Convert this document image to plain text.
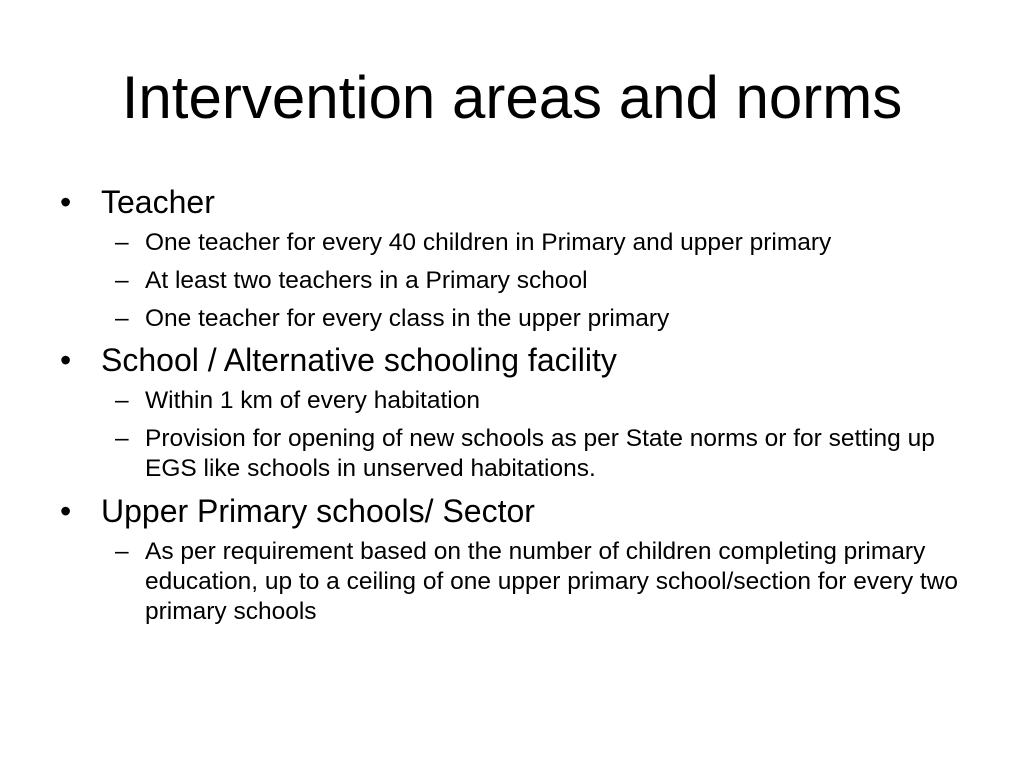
Intervention areas and norms
• Teacher
– One teacher for every 40 children in Primary and upper primary
– At least two teachers in a Primary school
– One teacher for every class in the upper primary
• School / Alternative schooling facility
– Within 1 km of every habitation
– Provision for opening of new schools as per State norms or for setting up EGS like schools in unserved habitations.
• Upper Primary schools/ Sector
– As per requirement based on the number of children completing primary education, up to a ceiling of one upper primary school/section for every two primary schools
